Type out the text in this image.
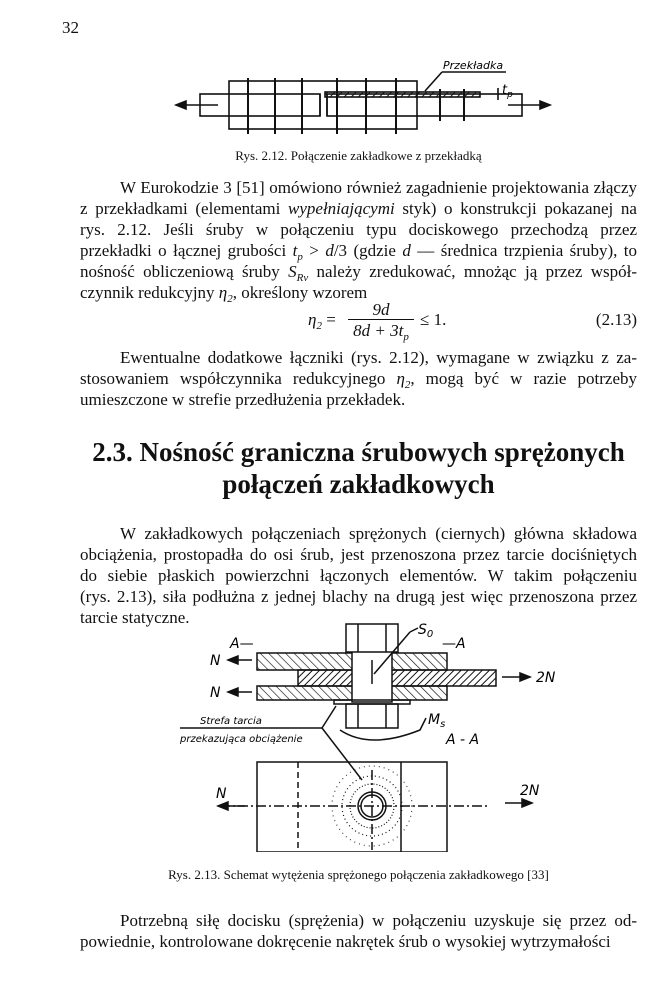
32
Przekładka
$t_p$
Rys. 2.12. Połączenie zakładkowe z przekładką
W Eurokodzie 3 [51] omówiono również zagadnienie projektowania złączy
z przekładkami (elementami wypełniającymi styk) o konstrukcji pokazanej na
rys. 2.12. Jeśli śruby w połączeniu typu dociskowego przechodzą przez
przekładki o łącznej grubości $t_p > d/3$ (gdzie d — średnica trzpienia śruby), to
nośność obliczeniową śruby $S_{Rv}$ należy zredukować, mnożąc ją przez współ-
czynnik redukcyjny $\eta_2$, określony wzorem
$\eta_2$ =
9d
$8d + 3t_p$
≤ 1.	(2.13)
Ewentualne dodatkowe łączniki (rys. 2.12), wymagane w związku z za-
stosowaniem współczynnika redukcyjnego $\eta_2$, mogą być w razie potrzeby
umieszczone w strefie przedłużenia przekładek.
2.3. Nośność graniczna śrubowych sprężonych
połączeń zakładkowych
W zakładkowych połączeniach sprężonych (ciernych) główna składowa
obciążenia, prostopadła do osi śrub, jest przenoszona przez tarcie dociśniętych
do siebie płaskich powierzchni łączonych elementów. W takim połączeniu
(rys. 2.13), siła podłużna z jednej blachy na drugą jest więc przenoszona przez
tarcie statyczne.
A—	—A
$S_0$
N
N
2N
$M_s$
Strefa tarcia
przekazująca obciążenie	A - A
N	2N
Rys. 2.13. Schemat wytężenia sprężonego połączenia zakładkowego [33]
Potrzebną siłę docisku (sprężenia) w połączeniu uzyskuje się przez od-
powiednie, kontrolowane dokręcenie nakrętek śrub o wysokiej wytrzymałości
